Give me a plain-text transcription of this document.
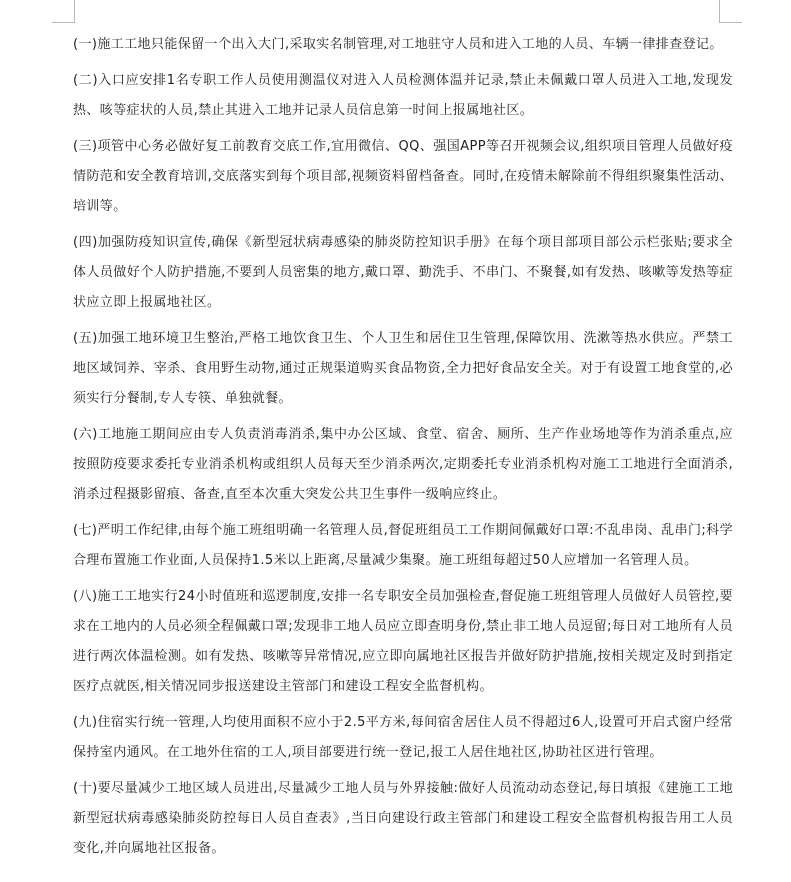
(一)施工工地只能保留一个出入大门,采取实名制管理,对工地驻守人员和进入工地的人员、车辆一律排查登记。

(二)入口应安排1名专职工作人员使用测温仪对进入人员检测体温并记录,禁止未佩戴口罩人员进入工地,发现发热、咳等症状的人员,禁止其进入工地并记录人员信息第一时间上报属地社区。

(三)项管中心务必做好复工前教育交底工作,宜用微信、QQ、强国APP等召开视频会议,组织项目管理人员做好疫情防范和安全教育培训,交底落实到每个项目部,视频资料留档备查。同时,在疫情未解除前不得组织聚集性活动、培训等。

(四)加强防疫知识宣传,确保《新型冠状病毒感染的肺炎防控知识手册》在每个项目部项目部公示栏张贴;要求全体人员做好个人防护措施,不要到人员密集的地方,戴口罩、勤洗手、不串门、不聚餐,如有发热、咳嗽等发热等症状应立即上报属地社区。

(五)加强工地环境卫生整治,严格工地饮食卫生、个人卫生和居住卫生管理,保障饮用、洗漱等热水供应。严禁工地区域饲养、宰杀、食用野生动物,通过正规渠道购买食品物资,全力把好食品安全关。对于有设置工地食堂的,必须实行分餐制,专人专筷、单独就餐。

(六)工地施工期间应由专人负责消毒消杀,集中办公区域、食堂、宿舍、厕所、生产作业场地等作为消杀重点,应按照防疫要求委托专业消杀机构或组织人员每天至少消杀两次,定期委托专业消杀机构对施工工地进行全面消杀,消杀过程摄影留痕、备查,直至本次重大突发公共卫生事件一级响应终止。

(七)严明工作纪律,由每个施工班组明确一名管理人员,督促班组员工工作期间佩戴好口罩:不乱串岗、乱串门;科学合理布置施工作业面,人员保持1.5米以上距离,尽量减少集聚。施工班组每超过50人应增加一名管理人员。

(八)施工工地实行24小时值班和巡逻制度,安排一名专职安全员加强检查,督促施工班组管理人员做好人员管控,要求在工地内的人员必须全程佩戴口罩;发现非工地人员应立即查明身份,禁止非工地人员逗留;每日对工地所有人员进行两次体温检测。如有发热、咳嗽等异常情况,应立即向属地社区报告并做好防护措施,按相关规定及时到指定医疗点就医,相关情况同步报送建设主管部门和建设工程安全监督机构。

(九)住宿实行统一管理,人均使用面积不应小于2.5平方米,每间宿舍居住人员不得超过6人,设置可开启式窗户经常保持室内通风。在工地外住宿的工人,项目部要进行统一登记,报工人居住地社区,协助社区进行管理。

(十)要尽量减少工地区域人员进出,尽量减少工地人员与外界接触:做好人员流动动态登记,每日填报《建施工工地新型冠状病毒感染肺炎防控每日人员自查表》,当日向建设行政主管部门和建设工程安全监督机构报告用工人员变化,并向属地社区报备。
